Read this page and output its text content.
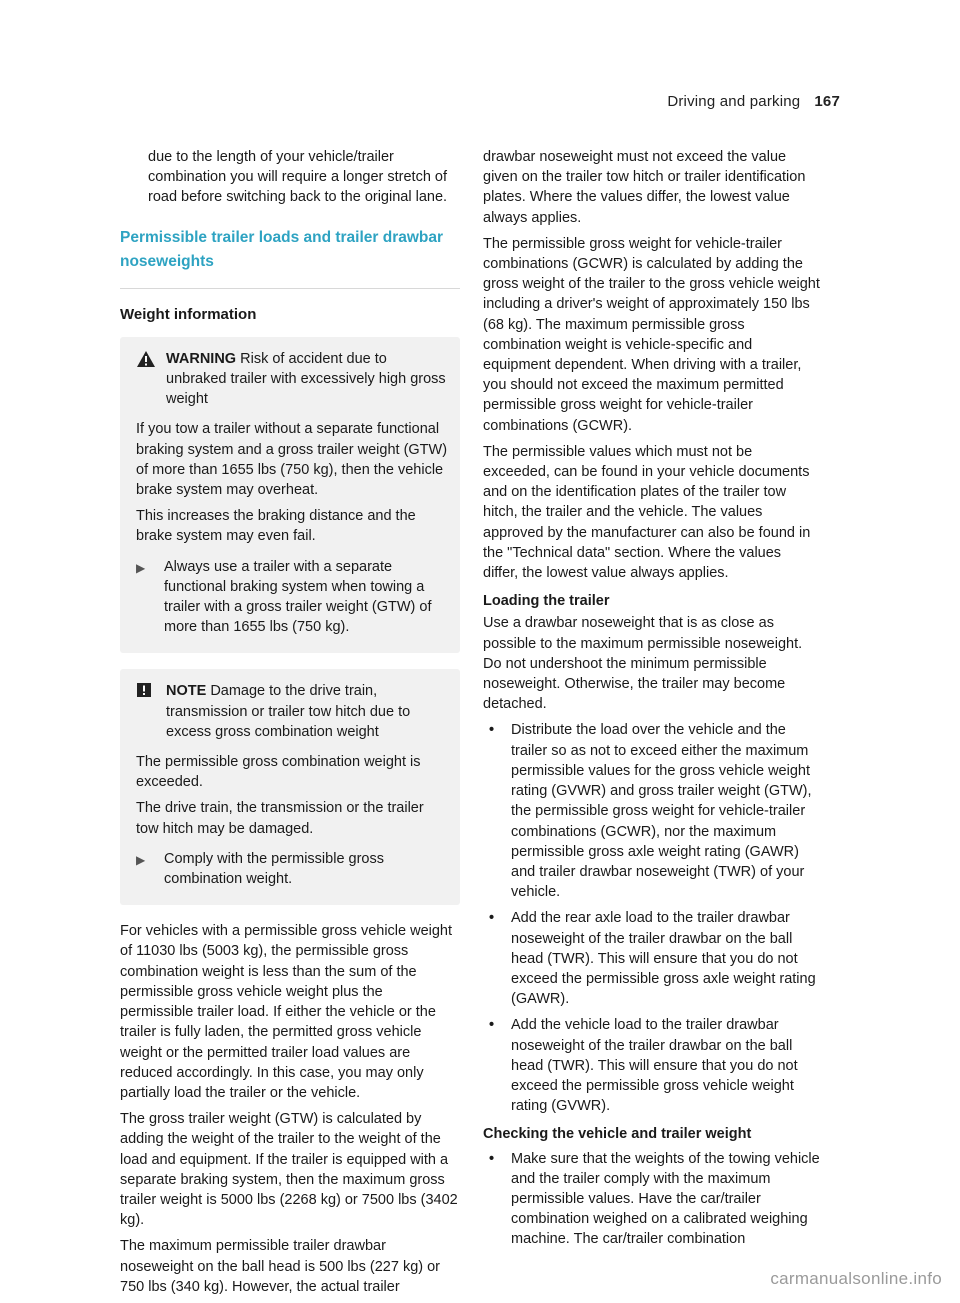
Driving and parking 167

due to the length of your vehicle/trailer combination you will require a longer stretch of road before switching back to the original lane.

Permissible trailer loads and trailer drawbar noseweights
Weight information
WARNING Risk of accident due to unbraked trailer with excessively high gross weight

If you tow a trailer without a separate functional braking system and a gross trailer weight (GTW) of more than 1655 lbs (750 kg), then the vehicle brake system may overheat.

This increases the braking distance and the brake system may even fail.

▶	Always use a trailer with a separate functional braking system when towing a trailer with a gross trailer weight (GTW) of more than 1655 lbs (750 kg).
NOTE Damage to the drive train, transmission or trailer tow hitch due to excess gross combination weight

The permissible gross combination weight is exceeded.

The drive train, the transmission or the trailer tow hitch may be damaged.

▶	Comply with the permissible gross combination weight.

For vehicles with a permissible gross vehicle weight of 11030 lbs (5003 kg), the permissible gross combination weight is less than the sum of the permissible gross vehicle weight plus the permissible trailer load. If either the vehicle or the trailer is fully laden, the permitted gross vehicle weight or the permitted trailer load values are reduced accordingly. In this case, you may only partially load the trailer or the vehicle.

The gross trailer weight (GTW) is calculated by adding the weight of the trailer to the weight of the load and equipment. If the trailer is equipped with a separate braking system, then the maximum gross trailer weight is 5000 lbs (2268 kg) or 7500 lbs (3402 kg).

The maximum permissible trailer drawbar noseweight on the ball head is 500 lbs (227 kg) or 750 lbs (340 kg). However, the actual trailer

drawbar noseweight must not exceed the value given on the trailer tow hitch or trailer identification plates. Where the values differ, the lowest value always applies.

The permissible gross weight for vehicle-trailer combinations (GCWR) is calculated by adding the gross weight of the trailer to the gross vehicle weight including a driver's weight of approximately 150 lbs (68 kg). The maximum permissible gross combination weight is vehicle-specific and equipment dependent. When driving with a trailer, you should not exceed the maximum permitted permissible gross weight for vehicle-trailer combinations (GCWR).

The permissible values which must not be exceeded, can be found in your vehicle documents and on the identification plates of the trailer tow hitch, the trailer and the vehicle. The values approved by the manufacturer can also be found in the "Technical data" section. Where the values differ, the lowest value always applies.

Loading the trailer

Use a drawbar noseweight that is as close as possible to the maximum permissible noseweight. Do not undershoot the minimum permissible noseweight. Otherwise, the trailer may become detached.

•	Distribute the load over the vehicle and the trailer so as not to exceed either the maximum permissible values for the gross vehicle weight rating (GVWR) and gross trailer weight (GTW), the permissible gross weight for vehicle-trailer combinations (GCWR), nor the maximum permissible gross axle weight rating (GAWR) and trailer drawbar noseweight (TWR) of your vehicle.
•	Add the rear axle load to the trailer drawbar noseweight of the trailer drawbar on the ball head (TWR). This will ensure that you do not exceed the permissible gross axle weight rating (GAWR).
•	Add the vehicle load to the trailer drawbar noseweight of the trailer drawbar on the ball head (TWR). This will ensure that you do not exceed the permissible gross vehicle weight rating (GVWR).
Checking the vehicle and trailer weight
•	Make sure that the weights of the towing vehicle and the trailer comply with the maximum permissible values. Have the car/trailer combination weighed on a calibrated weighing machine. The car/trailer combination
carmanualsonline.info
